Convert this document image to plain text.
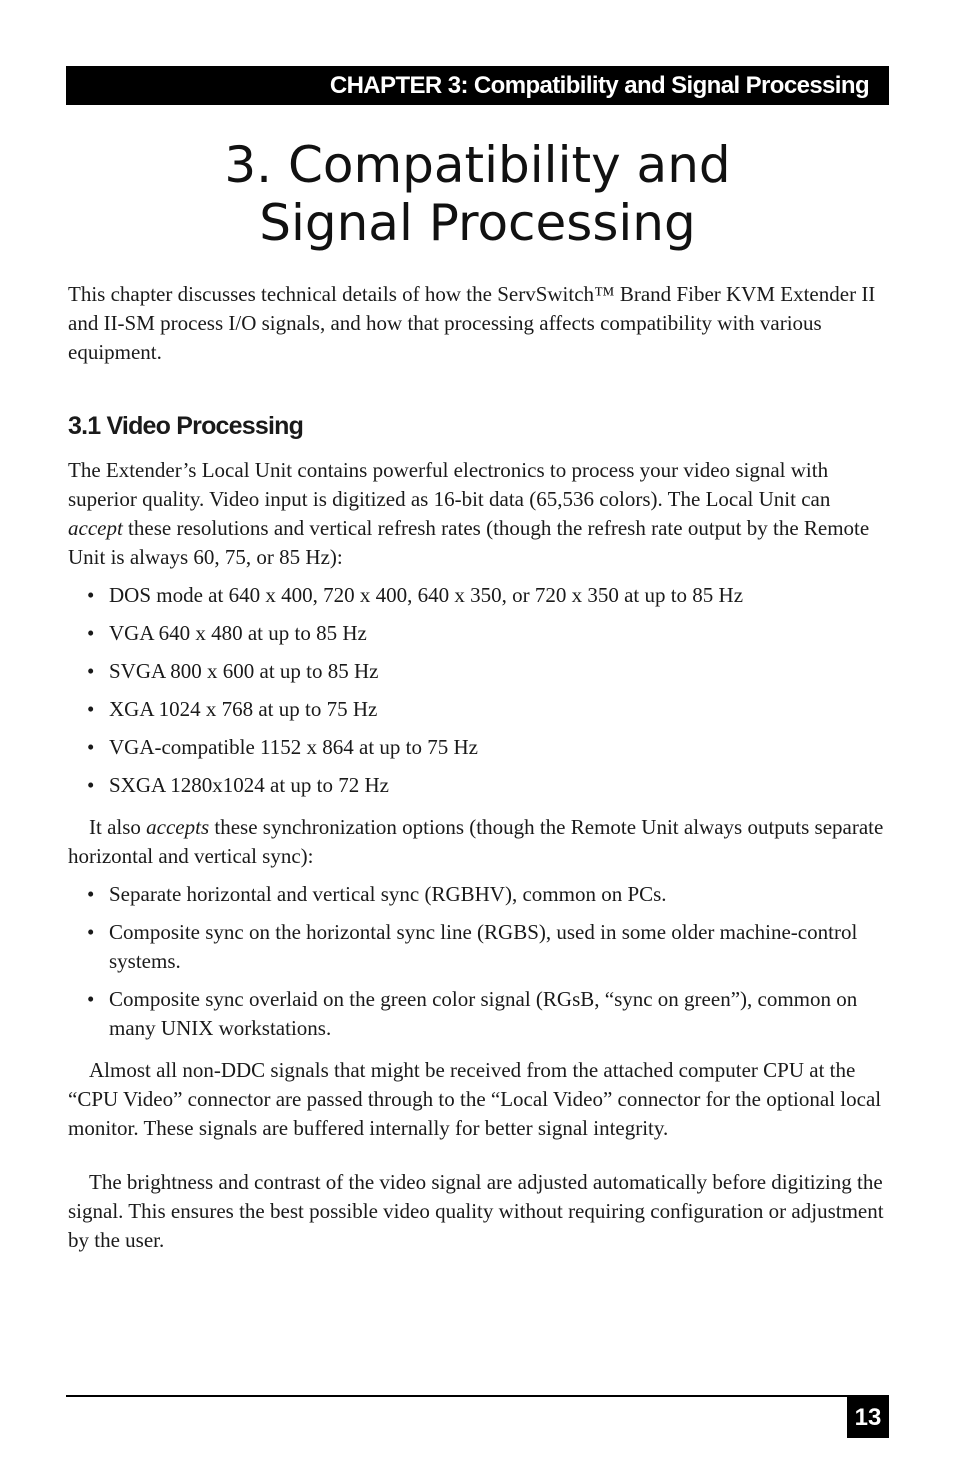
CHAPTER 3: Compatibility and Signal Processing
3. Compatibility and
Signal Processing

This chapter discusses technical details of how the ServSwitch™ Brand Fiber KVM Extender II and II-SM process I/O signals, and how that processing affects compatibility with various equipment.

3.1 Video Processing

The Extender’s Local Unit contains powerful electronics to process your video signal with superior quality. Video input is digitized as 16-bit data (65,536 colors). The Local Unit can accept these resolutions and vertical refresh rates (though the refresh rate output by the Remote Unit is always 60, 75, or 85 Hz):

• DOS mode at 640 x 400, 720 x 400, 640 x 350, or 720 x 350 at up to 85 Hz
• VGA 640 x 480 at up to 85 Hz
• SVGA 800 x 600 at up to 85 Hz
• XGA 1024 x 768 at up to 75 Hz
• VGA-compatible 1152 x 864 at up to 75 Hz
• SXGA 1280x1024 at up to 72 Hz

It also accepts these synchronization options (though the Remote Unit always outputs separate horizontal and vertical sync):

• Separate horizontal and vertical sync (RGBHV), common on PCs.
• Composite sync on the horizontal sync line (RGBS), used in some older machine-control systems.
• Composite sync overlaid on the green color signal (RGsB, “sync on green”), common on many UNIX workstations.

Almost all non-DDC signals that might be received from the attached computer CPU at the “CPU Video” connector are passed through to the “Local Video” connector for the optional local monitor. These signals are buffered internally for better signal integrity.

The brightness and contrast of the video signal are adjusted automatically before digitizing the signal. This ensures the best possible video quality without requiring configuration or adjustment by the user.

13
